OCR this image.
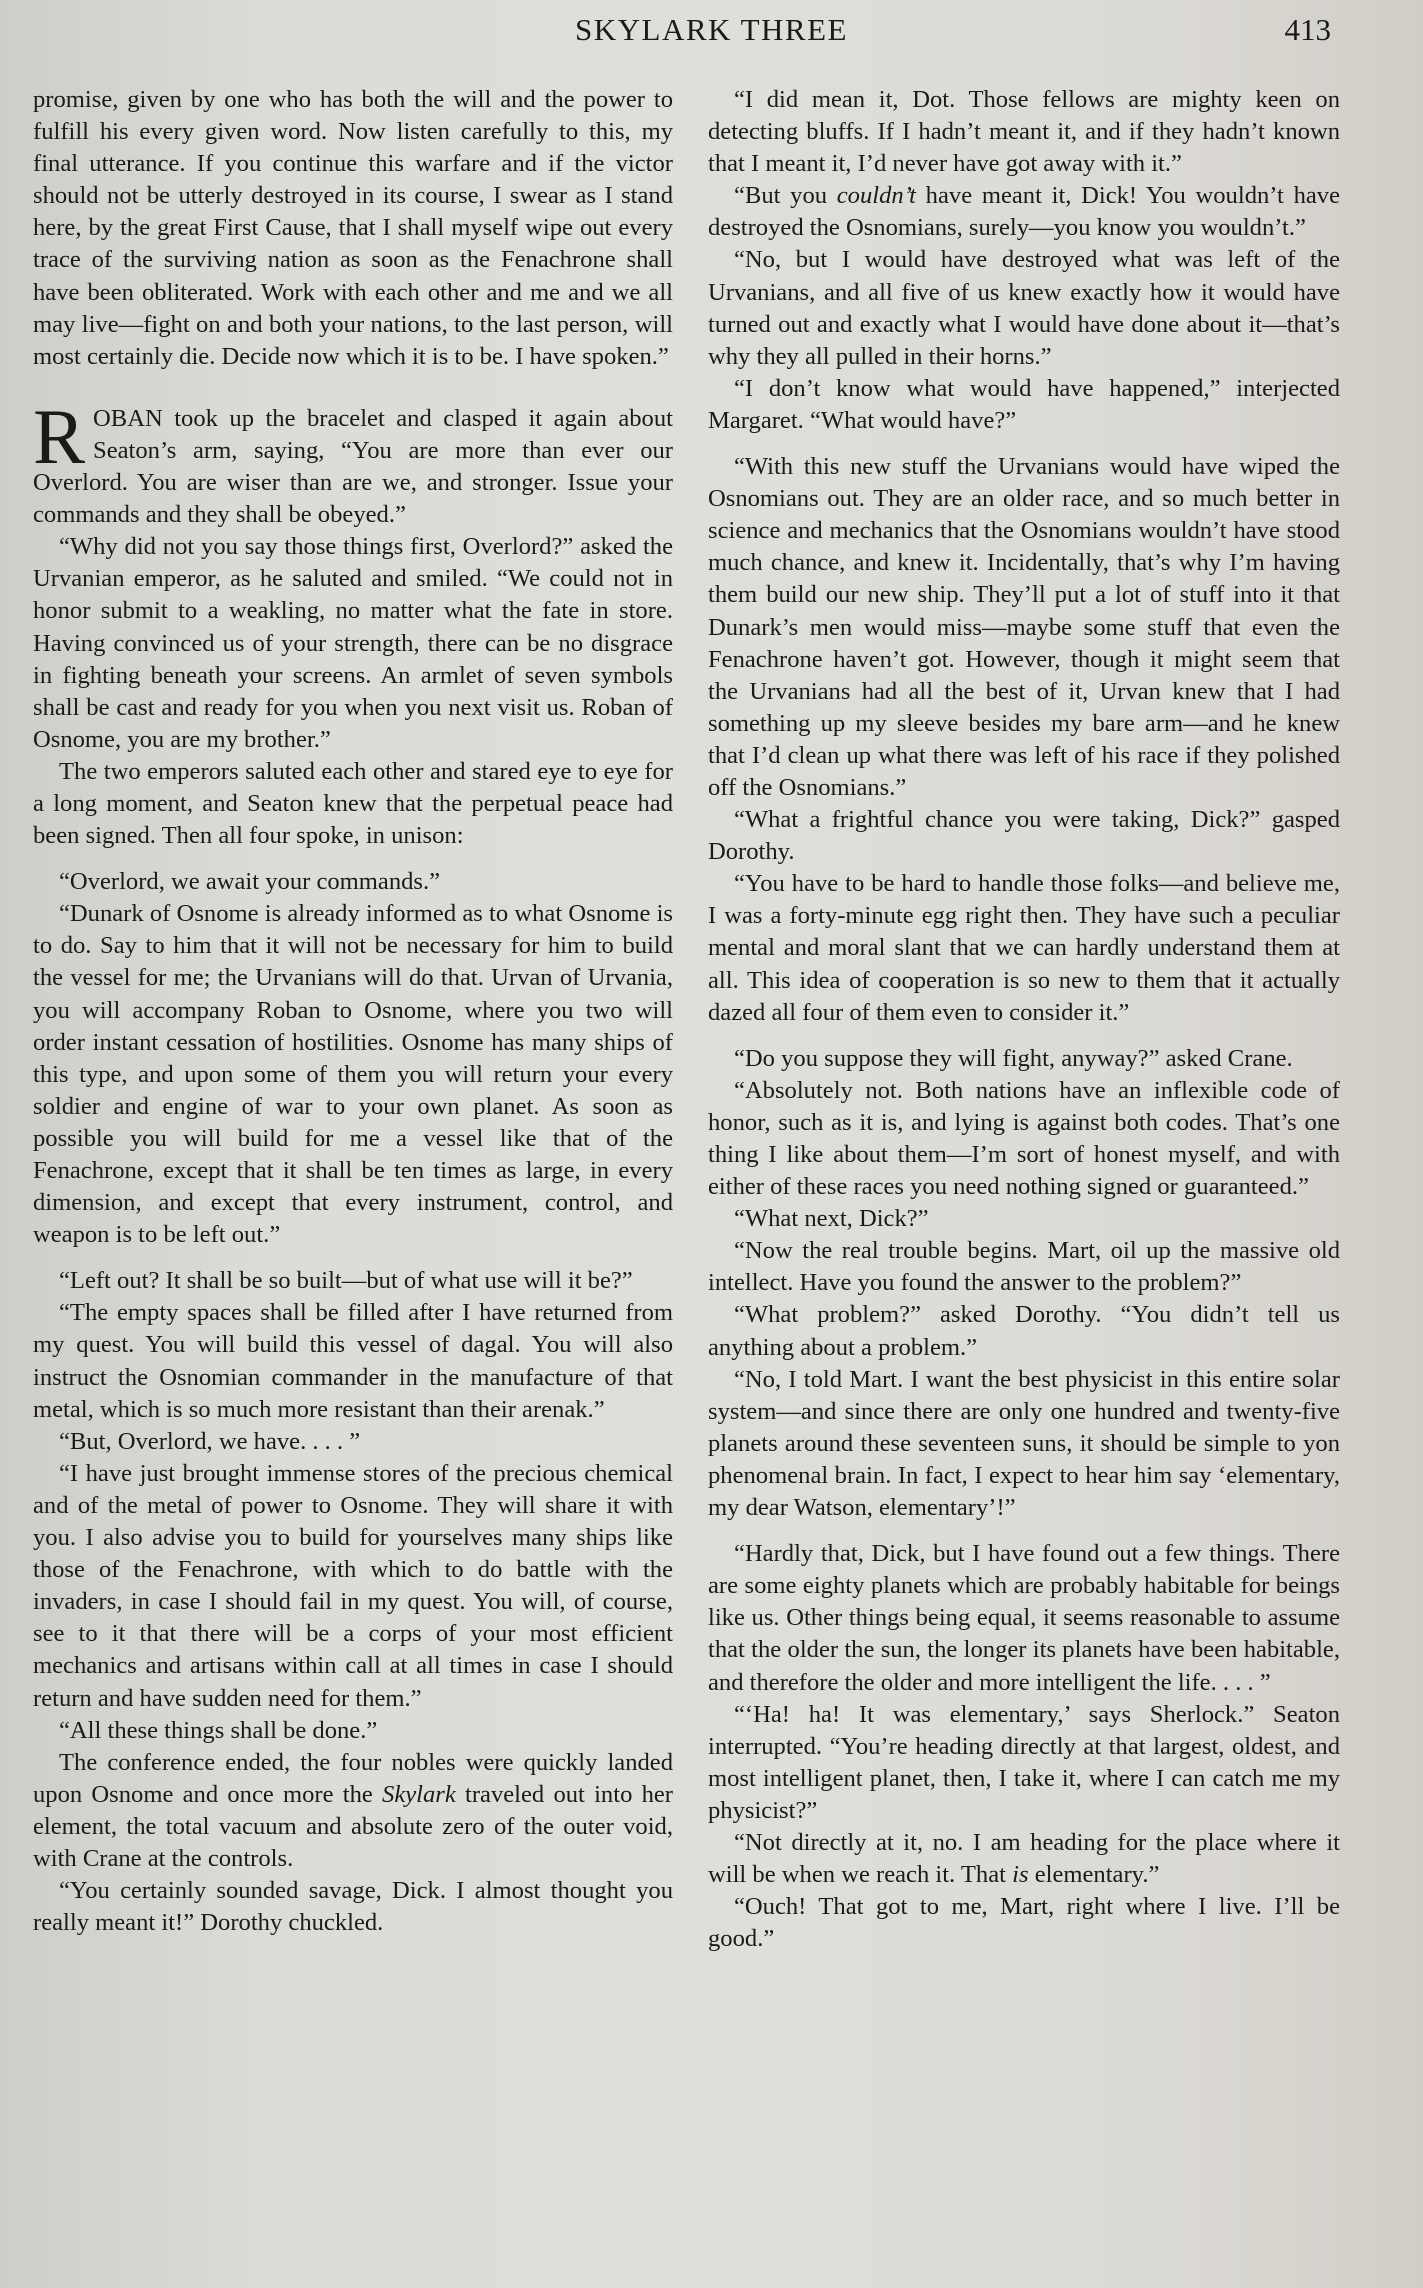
SKYLARK THREE	413

promise, given by one who has both the will and the power to fulfill his every given word. Now listen carefully to this, my final utterance. If you continue this warfare and if the victor should not be utterly destroyed in its course, I swear as I stand here, by the great First Cause, that I shall myself wipe out every trace of the surviving nation as soon as the Fenachrone shall have been obliterated. Work with each other and me and we all may live—fight on and both your nations, to the last person, will most certainly die. Decide now which it is to be. I have spoken.”

ROBAN took up the bracelet and clasped it again about Seaton’s arm, saying, “You are more than ever our Overlord. You are wiser than are we, and stronger. Issue your commands and they shall be obeyed.”

“Why did not you say those things first, Overlord?” asked the Urvanian emperor, as he saluted and smiled. “We could not in honor submit to a weakling, no matter what the fate in store. Having convinced us of your strength, there can be no disgrace in fighting beneath your screens. An armlet of seven symbols shall be cast and ready for you when you next visit us. Roban of Osnome, you are my brother.”

The two emperors saluted each other and stared eye to eye for a long moment, and Seaton knew that the perpetual peace had been signed. Then all four spoke, in unison:

“Overlord, we await your commands.”

“Dunark of Osnome is already informed as to what Osnome is to do. Say to him that it will not be necessary for him to build the vessel for me; the Urvanians will do that. Urvan of Urvania, you will accompany Roban to Osnome, where you two will order instant cessation of hostilities. Osnome has many ships of this type, and upon some of them you will return your every soldier and engine of war to your own planet. As soon as possible you will build for me a vessel like that of the Fenachrone, except that it shall be ten times as large, in every dimension, and except that every instrument, control, and weapon is to be left out.”

“Left out? It shall be so built—but of what use will it be?”

“The empty spaces shall be filled after I have returned from my quest. You will build this vessel of dagal. You will also instruct the Osnomian commander in the manufacture of that metal, which is so much more resistant than their arenak.”

“But, Overlord, we have. . . . ”

“I have just brought immense stores of the precious chemical and of the metal of power to Osnome. They will share it with you. I also advise you to build for yourselves many ships like those of the Fenachrone, with which to do battle with the invaders, in case I should fail in my quest. You will, of course, see to it that there will be a corps of your most efficient mechanics and artisans within call at all times in case I should return and have sudden need for them.”

“All these things shall be done.”

The conference ended, the four nobles were quickly landed upon Osnome and once more the Skylark traveled out into her element, the total vacuum and absolute zero of the outer void, with Crane at the controls.

“You certainly sounded savage, Dick. I almost thought you really meant it!” Dorothy chuckled.

“I did mean it, Dot. Those fellows are mighty keen on detecting bluffs. If I hadn’t meant it, and if they hadn’t known that I meant it, I’d never have got away with it.”

“But you couldn’t have meant it, Dick! You wouldn’t have destroyed the Osnomians, surely—you know you wouldn’t.”

“No, but I would have destroyed what was left of the Urvanians, and all five of us knew exactly how it would have turned out and exactly what I would have done about it—that’s why they all pulled in their horns.”

“I don’t know what would have happened,” interjected Margaret. “What would have?”

“With this new stuff the Urvanians would have wiped the Osnomians out. They are an older race, and so much better in science and mechanics that the Osnomians wouldn’t have stood much chance, and knew it. Incidentally, that’s why I’m having them build our new ship. They’ll put a lot of stuff into it that Dunark’s men would miss—maybe some stuff that even the Fenachrone haven’t got. However, though it might seem that the Urvanians had all the best of it, Urvan knew that I had something up my sleeve besides my bare arm—and he knew that I’d clean up what there was left of his race if they polished off the Osnomians.”

“What a frightful chance you were taking, Dick?” gasped Dorothy.

“You have to be hard to handle those folks—and believe me, I was a forty-minute egg right then. They have such a peculiar mental and moral slant that we can hardly understand them at all. This idea of cooperation is so new to them that it actually dazed all four of them even to consider it.”

“Do you suppose they will fight, anyway?” asked Crane.

“Absolutely not. Both nations have an inflexible code of honor, such as it is, and lying is against both codes. That’s one thing I like about them—I’m sort of honest myself, and with either of these races you need nothing signed or guaranteed.”

“What next, Dick?”

“Now the real trouble begins. Mart, oil up the massive old intellect. Have you found the answer to the problem?”

“What problem?” asked Dorothy. “You didn’t tell us anything about a problem.”

“No, I told Mart. I want the best physicist in this entire solar system—and since there are only one hundred and twenty-five planets around these seventeen suns, it should be simple to yon phenomenal brain. In fact, I expect to hear him say ‘elementary, my dear Watson, elementary’!”

“Hardly that, Dick, but I have found out a few things. There are some eighty planets which are probably habitable for beings like us. Other things being equal, it seems reasonable to assume that the older the sun, the longer its planets have been habitable, and therefore the older and more intelligent the life. . . . ”

“‘Ha! ha! It was elementary,’ says Sherlock.” Seaton interrupted. “You’re heading directly at that largest, oldest, and most intelligent planet, then, I take it, where I can catch me my physicist?”

“Not directly at it, no. I am heading for the place where it will be when we reach it. That is elementary.”

“Ouch! That got to me, Mart, right where I live. I’ll be good.”
